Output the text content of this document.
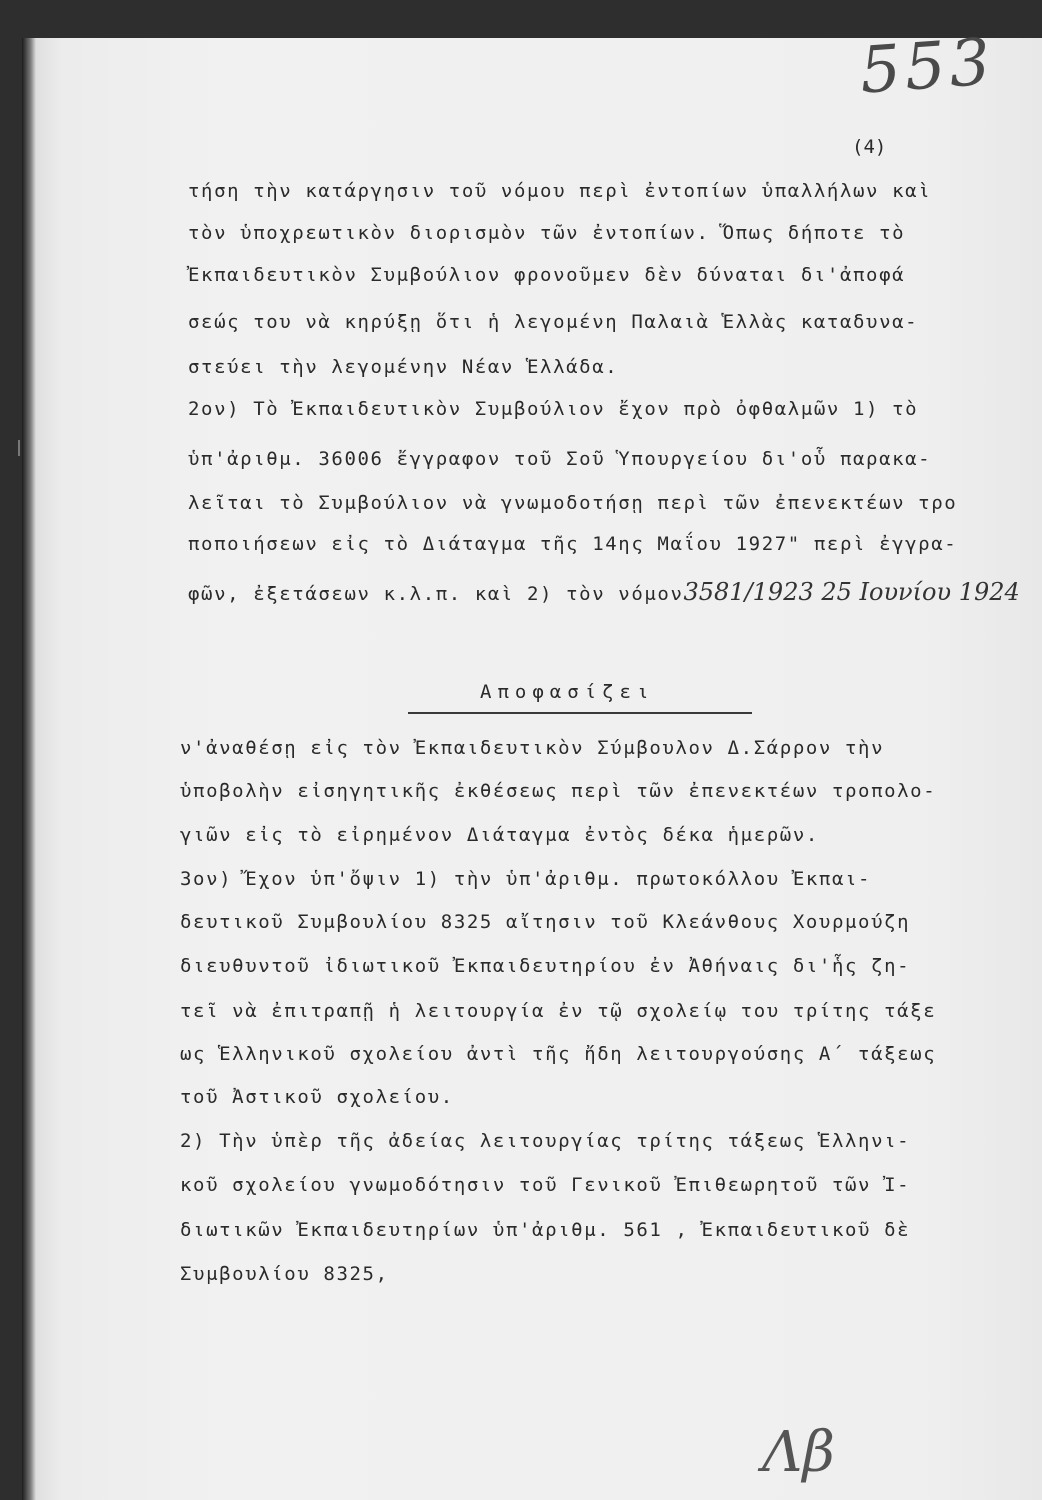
553
(4)
τήση τὴν κατάργησιν τοῦ νόμου περὶ ἐντοπίων ὑπαλλήλων καὶ
τὸν ὑποχρεωτικὸν διορισμὸν τῶν ἐντοπίων. Ὅπως δήποτε τὸ
Ἐκπαιδευτικὸν Συμβούλιον φρονοῦμεν δὲν δύναται δι'ἀποφά
σεώς του νὰ κηρύξῃ ὅτι ἡ λεγομένη Παλαιὰ Ἑλλὰς καταδυνα-
στεύει τὴν λεγομένην Νέαν Ἑλλάδα.
2ον) Τὸ Ἐκπαιδευτικὸν Συμβούλιον ἔχον πρὸ ὀφθαλμῶν 1) τὸ
ὑπ'ἀριθμ. 36006 ἔγγραφον τοῦ Σοῦ Ὑπουργείου δι'οὗ παρακα-
λεῖται τὸ Συμβούλιον νὰ γνωμοδοτήσῃ περὶ τῶν ἐπενεκτέων τρο
ποποιήσεων εἰς τὸ Διάταγμα τῆς 14ης Μαΐου 1927" περὶ ἐγγρα-
φῶν, ἐξετάσεων κ.λ.π. καὶ 2) τὸν νόμον3581/1923 25 Ιουνίου 1924
Αποφασίζει
ν'ἀναθέσῃ εἰς τὸν Ἐκπαιδευτικὸν Σύμβουλον Δ.Σάρρον τὴν
ὑποβολὴν εἰσηγητικῆς ἐκθέσεως περὶ τῶν ἐπενεκτέων τροπολο-
γιῶν εἰς τὸ εἰρημένον Διάταγμα ἐντὸς δέκα ἡμερῶν.
3ον) Ἔχον ὑπ'ὄψιν 1) τὴν ὑπ'ἀριθμ. πρωτοκόλλου Ἐκπαι-
δευτικοῦ Συμβουλίου 8325 αἴτησιν τοῦ Κλεάνθους Χουρμούζη
διευθυντοῦ ἰδιωτικοῦ Ἐκπαιδευτηρίου ἐν Ἀθήναις δι'ἧς ζη-
τεῖ νὰ ἐπιτραπῇ ἡ λειτουργία ἐν τῷ σχολείῳ του τρίτης τάξε
ως Ἑλληνικοῦ σχολείου ἀντὶ τῆς ἤδη λειτουργούσης Α΄ τάξεως
τοῦ Ἀστικοῦ σχολείου.
2) Τὴν ὑπὲρ τῆς ἀδείας λειτουργίας τρίτης τάξεως Ἑλληνι-
κοῦ σχολείου γνωμοδότησιν τοῦ Γενικοῦ Ἐπιθεωρητοῦ τῶν Ἰ-
διωτικῶν Ἐκπαιδευτηρίων ὑπ'ἀριθμ. 561 , Ἐκπαιδευτικοῦ δὲ
Συμβουλίου 8325,
Λβ
